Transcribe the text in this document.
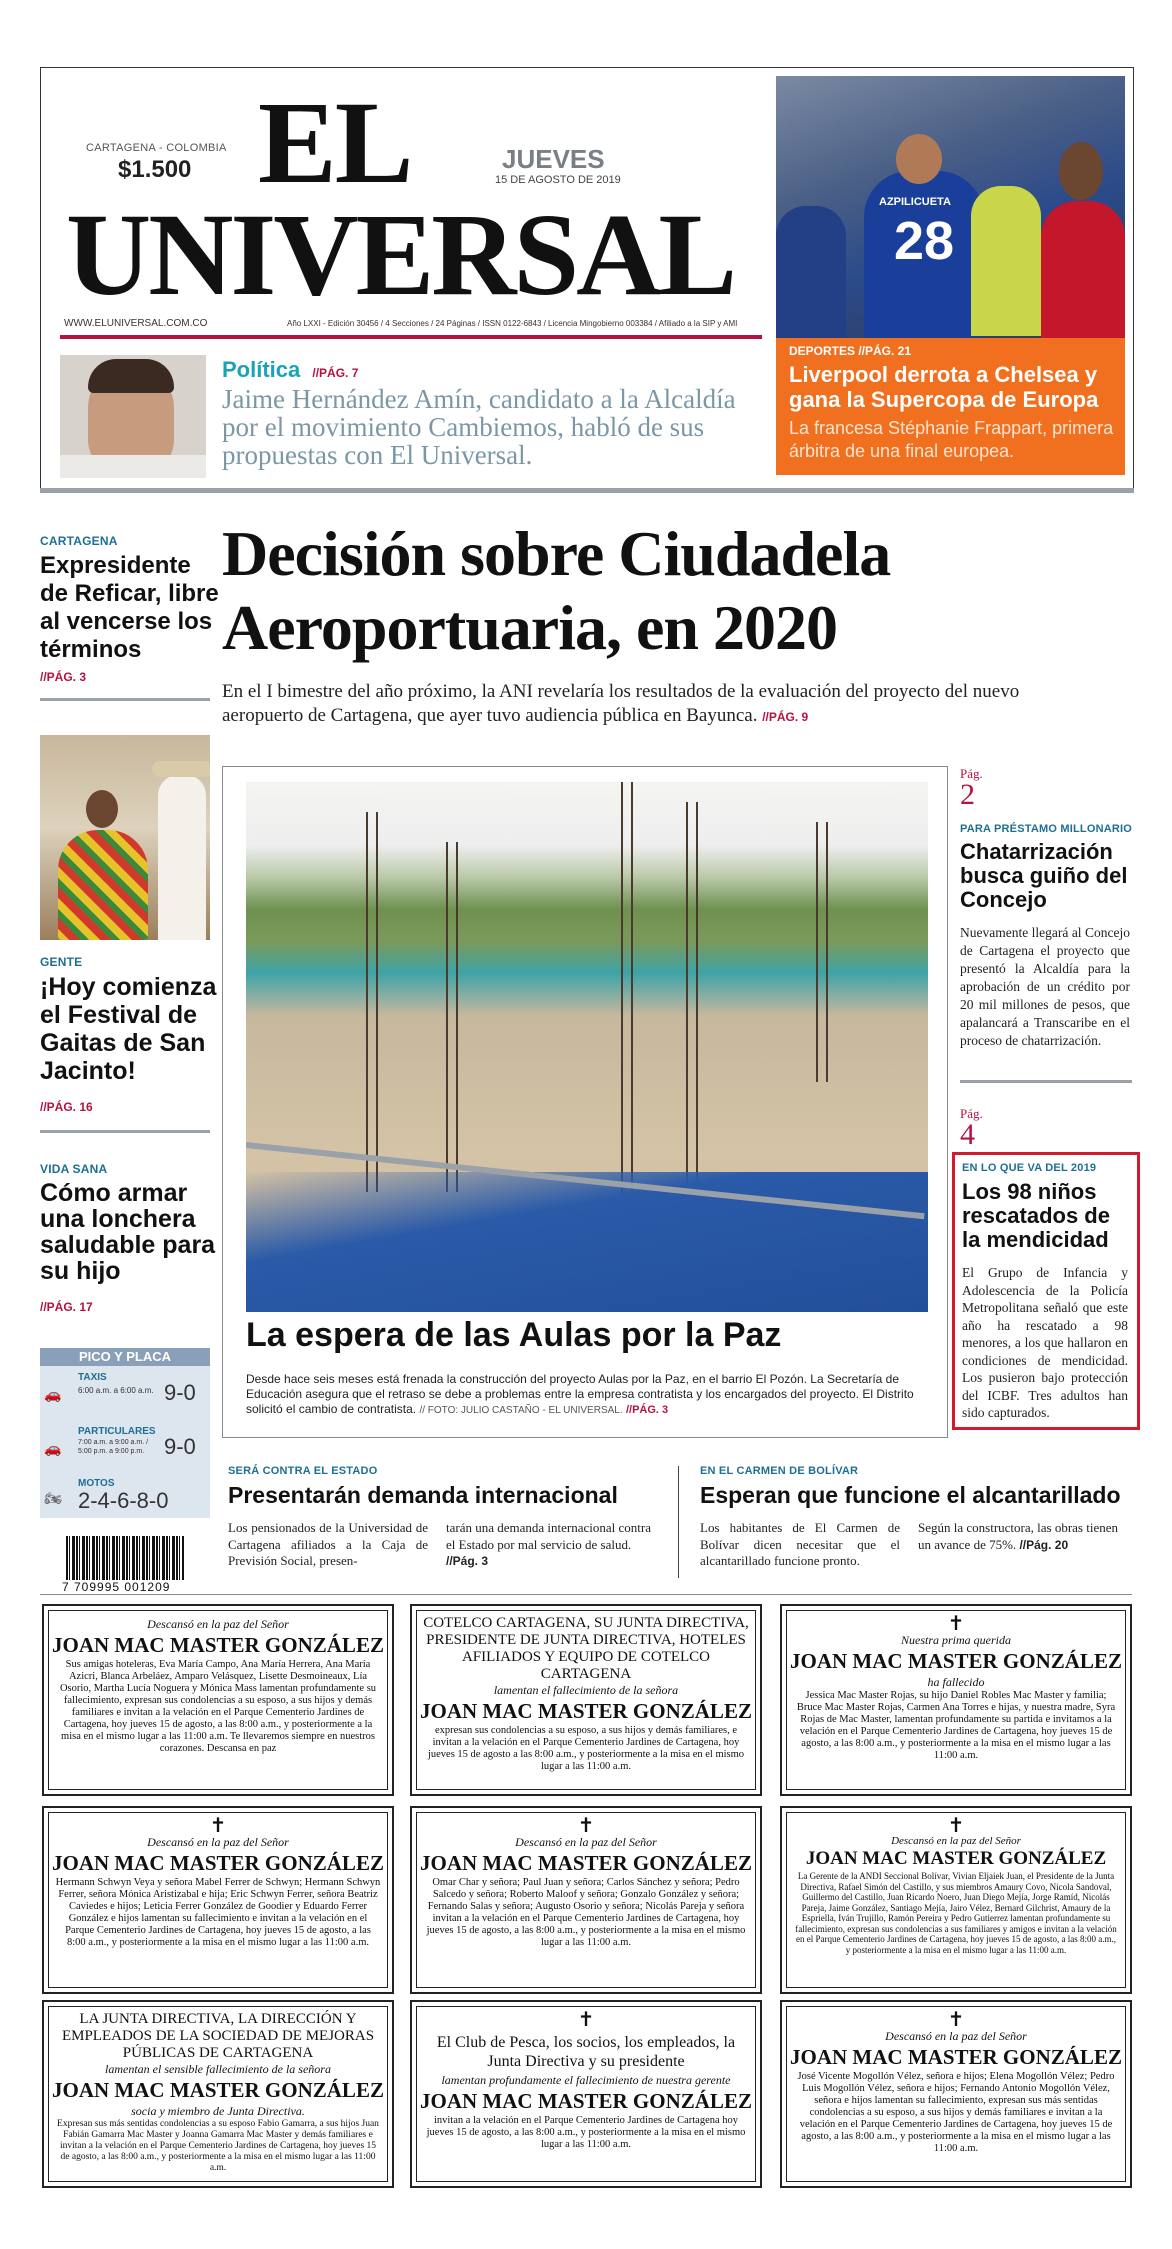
CARTAGENA - COLOMBIA
$1.500 EL
UNIVERSAL
JUEVES
15 DE AGOSTO DE 2019
WWW.ELUNIVERSAL.COM.CO	Año LXXI - Edición 30456 / 4 Secciones / 24 Páginas / ISSN 0122-6843 / Licencia Mingobierno 003384 / Afiliado a la SIP y AMI
AZPILICUETA
28
DEPORTES //PÁG. 21
Liverpool derrota a Chelsea y gana la Supercopa de Europa
La francesa Stéphanie Frappart, primera árbitra de una final europea.
Política //PÁG. 7
Jaime Hernández Amín, candidato a la Alcaldía por el movimiento Cambiemos, habló de sus propuestas con El Universal.
CARTAGENA
Expresidente de Reficar, libre al vencerse los términos
//PÁG. 3
GENTE
¡Hoy comienza el Festival de Gaitas de San Jacinto!
//PÁG. 16
VIDA SANA
Cómo armar una lonchera saludable para su hijo
//PÁG. 17
PICO Y PLACA
🚗
TAXIS
6:00 a.m. a 6:00 a.m. 9-0
🚗
PARTICULARES
7:00 a.m. a 9:00 a.m. / 5:00 p.m. a 9:00 p.m. 9-0
🏍
MOTOS
2-4-6-8-0
7 709995 001209
Decisión sobre Ciudadela
Aeroportuaria, en 2020
En el I bimestre del año próximo, la ANI revelaría los resultados de la evaluación del proyecto del nuevo aeropuerto de Cartagena, que ayer tuvo audiencia pública en Bayunca. //PÁG. 9
La espera de las Aulas por la Paz
Desde hace seis meses está frenada la construcción del proyecto Aulas por la Paz, en el barrio El Pozón. La Secretaría de Educación asegura que el retraso se debe a problemas entre la empresa contratista y los encargados del proyecto. El Distrito solicitó el cambio de contratista. // FOTO: JULIO CASTAÑO - EL UNIVERSAL. //PÁG. 3
Pág.
2
PARA PRÉSTAMO MILLONARIO
Chatarrización busca guiño del Concejo
Nuevamente llegará al Concejo de Cartagena el proyecto que presentó la Alcaldía para la aprobación de un crédito por 20 mil millones de pesos, que apalancará a Transcaribe en el proceso de chatarrización.
Pág.
4
EN LO QUE VA DEL 2019
Los 98 niños rescatados de la mendicidad
El Grupo de Infancia y Adolescencia de la Policía Metropolitana señaló que este año ha rescatado a 98 menores, a los que hallaron en condiciones de mendicidad. Los pusieron bajo protección del ICBF. Tres adultos han sido capturados.
SERÁ CONTRA EL ESTADO
Presentarán demanda internacional
Los pensionados de la Universidad de Cartagena afiliados a la Caja de Previsión Social, presen-
tarán una demanda internacional contra el Estado por mal servicio de salud. //Pág. 3
EN EL CARMEN DE BOLÍVAR
Esperan que funcione el alcantarillado
Los habitantes de El Carmen de Bolívar dicen necesitar que el alcantarillado funcione pronto.
Según la constructora, las obras tienen un avance de 75%. //Pág. 20
Descansó en la paz del Señor
JOAN MAC MASTER GONZÁLEZ
Sus amigas hoteleras, Eva María Campo, Ana María Herrera, Ana María Azicri, Blanca Arbeláez, Amparo Velásquez, Lisette Desmoineaux, Lía Osorio, Martha Lucía Noguera y Mónica Mass lamentan profundamente su fallecimiento, expresan sus condolencias a su esposo, a sus hijos y demás familiares e invitan a la velación en el Parque Cementerio Jardines de Cartagena, hoy jueves 15 de agosto, a las 8:00 a.m., y posteriormente a la misa en el mismo lugar a las 11:00 a.m. Te llevaremos siempre en nuestros corazones. Descansa en paz
COTELCO CARTAGENA, SU JUNTA DIRECTIVA, PRESIDENTE DE JUNTA DIRECTIVA, HOTELES AFILIADOS Y EQUIPO DE COTELCO CARTAGENA
lamentan el fallecimiento de la señora
JOAN MAC MASTER GONZÁLEZ
expresan sus condolencias a su esposo, a sus hijos y demás familiares, e invitan a la velación en el Parque Cementerio Jardines de Cartagena, hoy jueves 15 de agosto a las 8:00 a.m., y posteriormente a la misa en el mismo lugar a las 11:00 a.m.
✝
Nuestra prima querida
JOAN MAC MASTER GONZÁLEZ
ha fallecido
Jessica Mac Master Rojas, su hijo Daniel Robles Mac Master y familia; Bruce Mac Master Rojas, Carmen Ana Torres e hijas, y nuestra madre, Syra Rojas de Mac Master, lamentan profundamente su partida e invitamos a la velación en el Parque Cementerio Jardines de Cartagena, hoy jueves 15 de agosto, a las 8:00 a.m., y posteriormente a la misa en el mismo lugar a las 11:00 a.m.
✝
Descansó en la paz del Señor
JOAN MAC MASTER GONZÁLEZ
Hermann Schwyn Veya y señora Mabel Ferrer de Schwyn; Hermann Schwyn Ferrer, señora Mónica Aristizabal e hija; Eric Schwyn Ferrer, señora Beatriz Caviedes e hijos; Leticia Ferrer González de Goodier y Eduardo Ferrer González e hijos lamentan su fallecimiento e invitan a la velación en el Parque Cementerio Jardines de Cartagena, hoy jueves 15 de agosto, a las 8:00 a.m., y posteriormente a la misa en el mismo lugar a las 11:00 a.m.
✝
Descansó en la paz del Señor
JOAN MAC MASTER GONZÁLEZ
Omar Char y señora; Paul Juan y señora; Carlos Sánchez y señora; Pedro Salcedo y señora; Roberto Maloof y señora; Gonzalo González y señora; Fernando Salas y señora; Augusto Osorio y señora; Nicolás Pareja y señora invitan a la velación en el Parque Cementerio Jardines de Cartagena, hoy jueves 15 de agosto, a las 8:00 a.m., y posteriormente a la misa en el mismo lugar a las 11:00 a.m.
✝
Descansó en la paz del Señor
JOAN MAC MASTER GONZÁLEZ
La Gerente de la ANDI Seccional Bolívar, Vivian Eljaiek Juan, el Presidente de la Junta Directiva, Rafael Simón del Castillo, y sus miembros Amaury Covo, Nicola Sandoval, Guillermo del Castillo, Juan Ricardo Noero, Juan Diego Mejía, Jorge Ramíd, Nicolás Pareja, Jaime González, Santiago Mejía, Jairo Vélez, Bernard Gilchrist, Amaury de la Espriella, Iván Trujillo, Ramón Pereira y Pedro Gutierrez lamentan profundamente su fallecimiento, expresan sus condolencias a sus familiares y amigos e invitan a la velación en el Parque Cementerio Jardines de Cartagena, hoy jueves 15 de agosto, a las 8:00 a.m., y posteriormente a la misa en el mismo lugar a las 11:00 a.m.
LA JUNTA DIRECTIVA, LA DIRECCIÓN Y EMPLEADOS DE LA SOCIEDAD DE MEJORAS PÚBLICAS DE CARTAGENA
lamentan el sensible fallecimiento de la señora
JOAN MAC MASTER GONZÁLEZ
socia y miembro de Junta Directiva.
Expresan sus más sentidas condolencias a su esposo Fabio Gamarra, a sus hijos Juan Fabián Gamarra Mac Master y Joanna Gamarra Mac Master y demás familiares e invitan a la velación en el Parque Cementerio Jardines de Cartagena, hoy jueves 15 de agosto, a las 8:00 a.m., y posteriormente a la misa en el mismo lugar a las 11:00 a.m.
✝
El Club de Pesca, los socios, los empleados, la Junta Directiva y su presidente
lamentan profundamente el fallecimiento de nuestra gerente
JOAN MAC MASTER GONZÁLEZ
invitan a la velación en el Parque Cementerio Jardines de Cartagena hoy jueves 15 de agosto, a las 8:00 a.m., y posteriormente a la misa en el mismo lugar a las 11:00 a.m.
✝
Descansó en la paz del Señor
JOAN MAC MASTER GONZÁLEZ
José Vicente Mogollón Vélez, señora e hijos; Elena Mogollón Vélez; Pedro Luis Mogollón Vélez, señora e hijos; Fernando Antonio Mogollón Vélez, señora e hijos lamentan su fallecimiento, expresan sus más sentidas condolencias a su esposo, a sus hijos y demás familiares e invitan a la velación en el Parque Cementerio Jardines de Cartagena, hoy jueves 15 de agosto, a las 8:00 a.m., y posteriormente a la misa en el mismo lugar a las 11:00 a.m.
